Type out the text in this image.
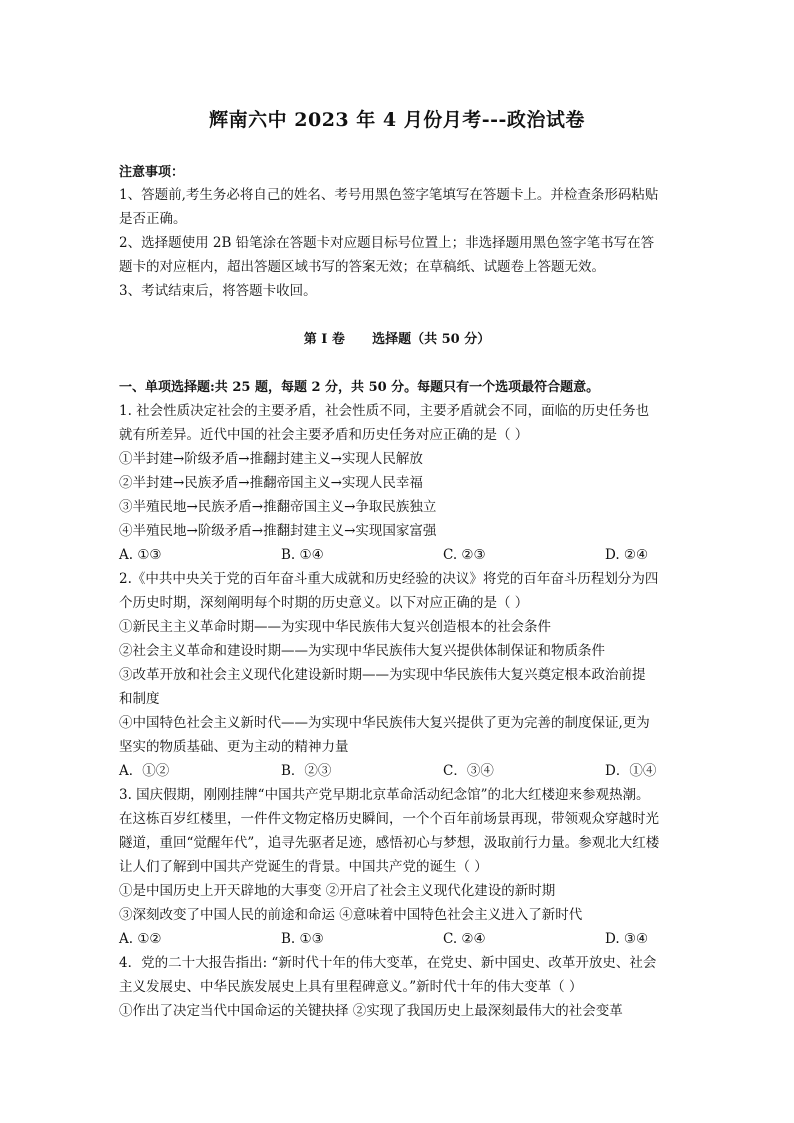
辉南六中 2023 年 4 月份月考---政治试卷
注意事项：
1、答题前,考生务必将自己的姓名、考号用黑色签字笔填写在答题卡上。并检查条形码粘贴
是否正确。
2、选择题使用 2B 铅笔涂在答题卡对应题目标号位置上；非选择题用黑色签字笔书写在答
题卡的对应框内，超出答题区域书写的答案无效；在草稿纸、试题卷上答题无效。
3、考试结束后，将答题卡收回。
第 I 卷      选择题（共 50 分）
一、单项选择题:共 25 题，每题 2 分，共 50 分。每题只有一个选项最符合题意。
1. 社会性质决定社会的主要矛盾，社会性质不同，主要矛盾就会不同，面临的历史任务也
就有所差异。近代中国的社会主要矛盾和历史任务对应正确的是（ ）
①半封建→阶级矛盾→推翻封建主义→实现人民解放
②半封建→民族矛盾→推翻帝国主义→实现人民幸福
③半殖民地→民族矛盾→推翻帝国主义→争取民族独立
④半殖民地→阶级矛盾→推翻封建主义→实现国家富强
A. ①③	B. ①④	C. ②③	D. ②④
2.《中共中央关于党的百年奋斗重大成就和历史经验的决议》将党的百年奋斗历程划分为四
个历史时期，深刻阐明每个时期的历史意义。以下对应正确的是（ ）
①新民主主义革命时期——为实现中华民族伟大复兴创造根本的社会条件
②社会主义革命和建设时期——为实现中华民族伟大复兴提供体制保证和物质条件
③改革开放和社会主义现代化建设新时期——为实现中华民族伟大复兴奠定根本政治前提
和制度
④中国特色社会主义新时代——为实现中华民族伟大复兴提供了更为完善的制度保证,更为
坚实的物质基础、更为主动的精神力量
A．①②	B．②③	C．③④	D．①④
3. 国庆假期，刚刚挂牌“中国共产党早期北京革命活动纪念馆”的北大红楼迎来参观热潮。
在这栋百岁红楼里，一件件文物定格历史瞬间，一个个百年前场景再现，带领观众穿越时光
隧道，重回“觉醒年代”，追寻先驱者足迹，感悟初心与梦想，汲取前行力量。参观北大红楼
让人们了解到中国共产党诞生的背景。中国共产党的诞生（ ）
①是中国历史上开天辟地的大事变 ②开启了社会主义现代化建设的新时期
③深刻改变了中国人民的前途和命运 ④意味着中国特色社会主义进入了新时代
A. ①②	B. ①③	C. ②④	D. ③④
4．党的二十大报告指出: “新时代十年的伟大变革，在党史、新中国史、改革开放史、社会
主义发展史、中华民族发展史上具有里程碑意义。”新时代十年的伟大变革（ ）
①作出了决定当代中国命运的关键抉择 ②实现了我国历史上最深刻最伟大的社会变革
